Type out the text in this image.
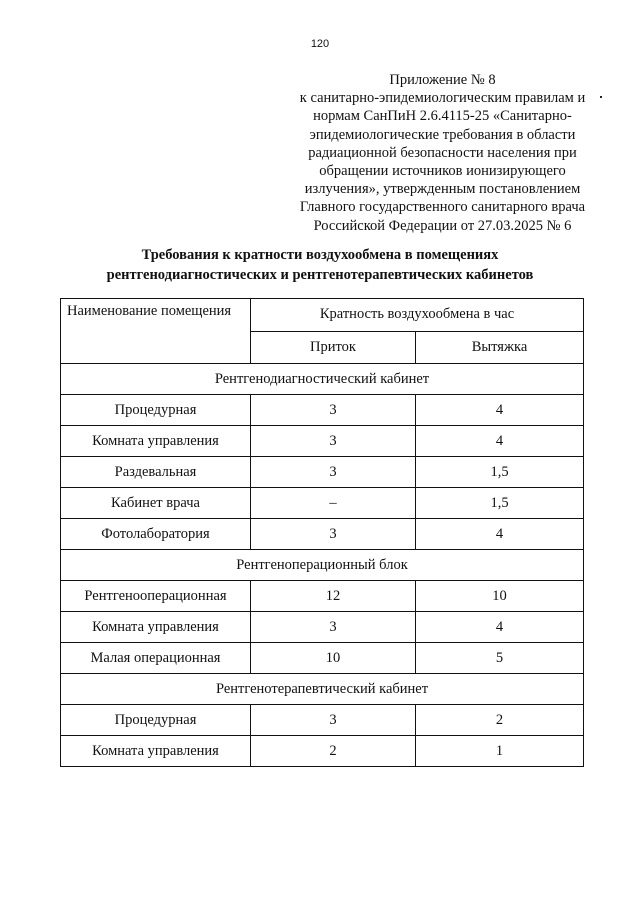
120
Приложение № 8
к санитарно-эпидемиологическим правилам и
нормам СанПиН 2.6.4115-25 «Санитарно-
эпидемиологические требования в области
радиационной безопасности населения при
обращении источников ионизирующего
излучения», утвержденным постановлением
Главного государственного санитарного врача
Российской Федерации от 27.03.2025 № 6
Требования к кратности воздухообмена в помещениях
рентгенодиагностических и рентгенотерапевтических кабинетов
Наименование помещения	Кратность воздухообмена в час	
	Приток	Вытяжка
Рентгенодиагностический кабинет		
Процедурная	3	4
Комната управления	3	4
Раздевальная	3	1,5
Кабинет врача	–	1,5
Фотолаборатория	3	4
Рентгеноперационный блок		
Рентгенооперационная	12	10
Комната управления	3	4
Малая операционная	10	5
Рентгенотерапевтический кабинет		
Процедурная	3	2
Комната управления	2	1
